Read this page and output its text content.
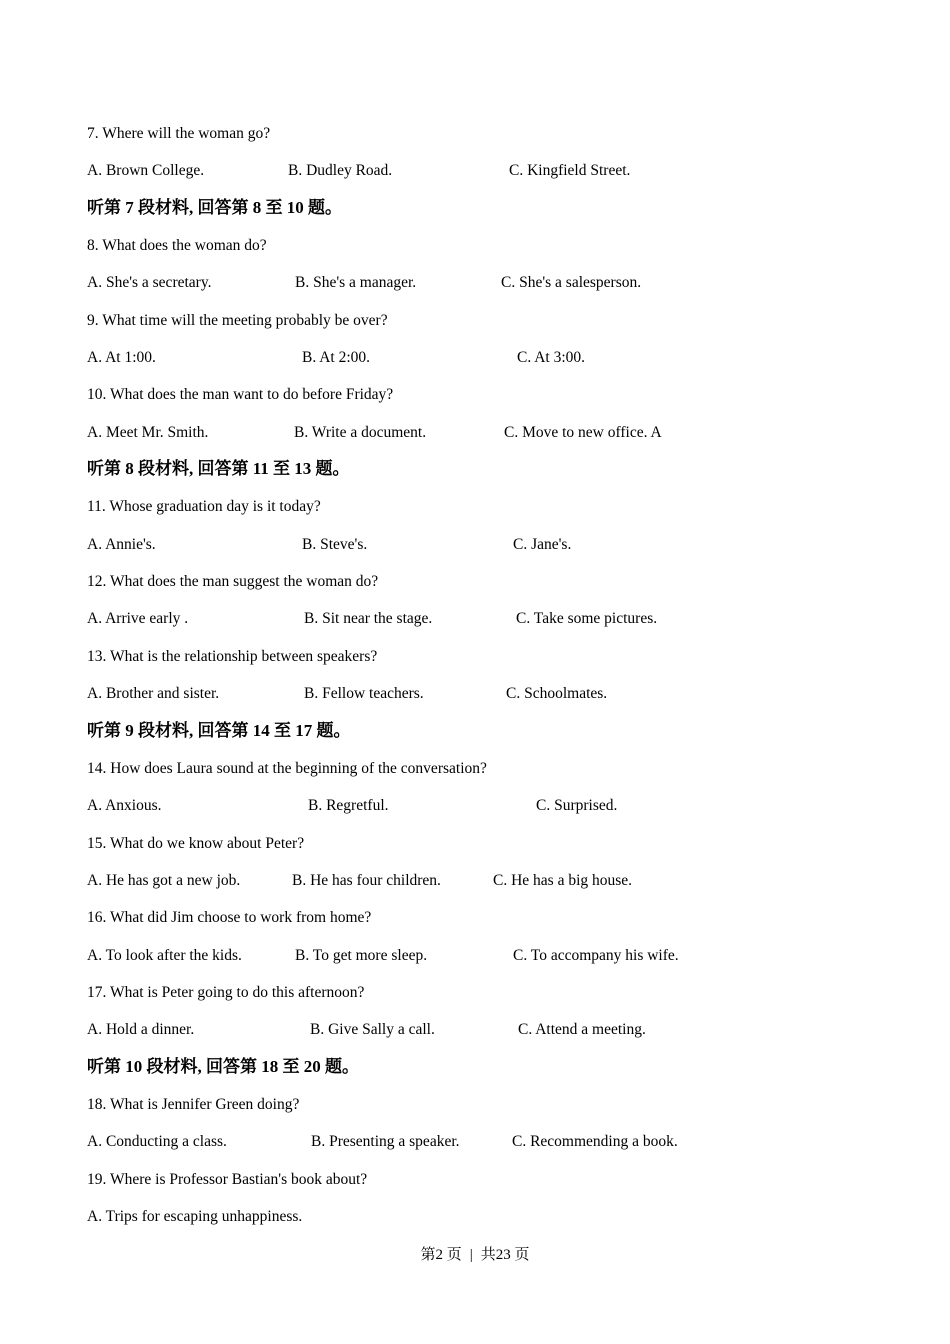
7. Where will the woman go?
A. Brown College.	B. Dudley Road.	C. Kingfield Street.
听第 7 段材料, 回答第 8 至 10 题。
8. What does the woman do?
A. She's a secretary.	B. She's a manager.	C. She's a salesperson.
9. What time will the meeting probably be over?
A. At 1:00.	B. At 2:00.	C. At 3:00.
10. What does the man want to do before Friday?
A. Meet Mr. Smith.	B. Write a document.	C. Move to new office. A
听第 8 段材料, 回答第 11 至 13 题。
11. Whose graduation day is it today?
A. Annie's.	B. Steve's.	C. Jane's.
12. What does the man suggest the woman do?
A. Arrive early .	B. Sit near the stage.	C. Take some pictures.
13. What is the relationship between speakers?
A. Brother and sister.	B. Fellow teachers.	C. Schoolmates.
听第 9 段材料, 回答第 14 至 17 题。
14. How does Laura sound at the beginning of the conversation?
A. Anxious.	B. Regretful.	C. Surprised.
15. What do we know about Peter?
A. He has got a new job.	B. He has four children.	C. He has a big house.
16. What did Jim choose to work from home?
A. To look after the kids.	B. To get more sleep.	C. To accompany his wife.
17. What is Peter going to do this afternoon?
A. Hold a dinner.	B. Give Sally a call.	C. Attend a meeting.
听第 10 段材料, 回答第 18 至 20 题。
18. What is Jennifer Green doing?
A. Conducting a class.	B. Presenting a speaker.	C. Recommending a book.
19. Where is Professor Bastian's book about?
A. Trips for escaping unhappiness.
第2 页 | 共23 页
